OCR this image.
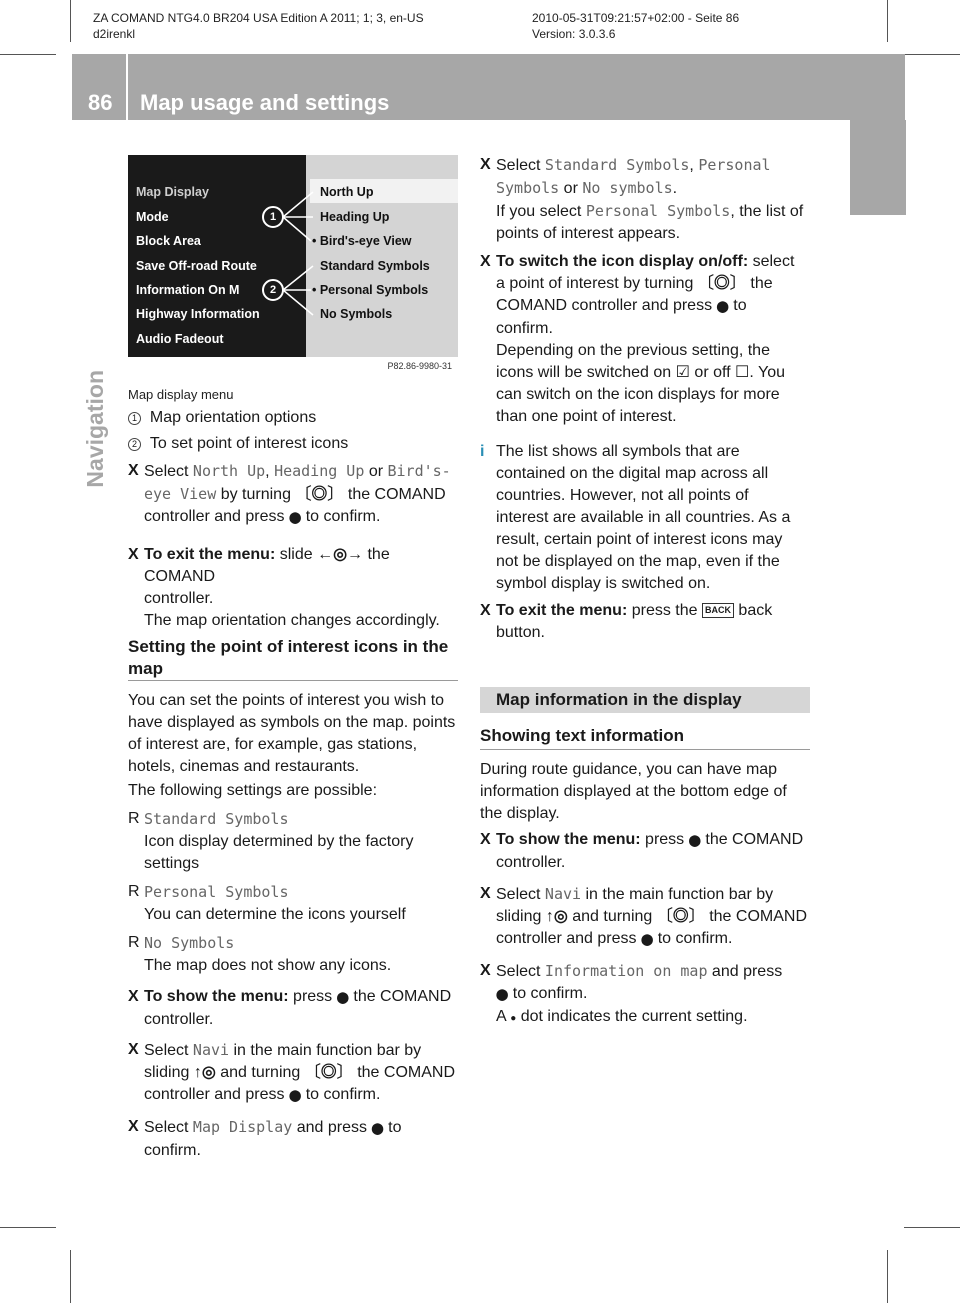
ZA COMAND NTG4.0 BR204 USA Edition A 2011; 1; 3, en-US
d2irenkl
2010-05-31T09:21:57+02:00 - Seite 86
Version: 3.0.3.6
86 Map usage and settings
Navigation
Map Display
Mode
Block Area
Save Off-road Route
Information On M
Highway Information
Audio Fadeout
North Up
Heading Up
• Bird's-eye View
Standard Symbols
• Personal Symbols
No Symbols
1
2
P82.86-9980-31
Map display menu
1 Map orientation options
2 To set point of interest icons
X Select North Up, Heading Up or Bird's-
eye View by turning 〔◎〕 the COMAND
controller and press ⬤ to confirm.
X To exit the menu: slide ←◎→ the COMAND
controller.
The map orientation changes accordingly.
Setting the point of interest icons in the
map
You can set the points of interest you wish to
have displayed as symbols on the map. points
of interest are, for example, gas stations,
hotels, cinemas and restaurants.
The following settings are possible:
R Standard Symbols
Icon display determined by the factory
settings
R Personal Symbols
You can determine the icons yourself
R No Symbols
The map does not show any icons.
X To show the menu: press ⬤ the COMAND
controller.
X Select Navi in the main function bar by
sliding ↑◎ and turning 〔◎〕 the COMAND
controller and press ⬤ to confirm.
X Select Map Display and press ⬤ to
confirm.
X Select Standard Symbols, Personal
Symbols or No symbols.
If you select Personal Symbols, the list of
points of interest appears.
X To switch the icon display on/off: select
a point of interest by turning 〔◎〕 the
COMAND controller and press ⬤ to
confirm.
Depending on the previous setting, the
icons will be switched on ☑ or off ☐. You
can switch on the icon displays for more
than one point of interest.
i The list shows all symbols that are
contained on the digital map across all
countries. However, not all points of
interest are available in all countries. As a
result, certain point of interest icons may
not be displayed on the map, even if the
symbol display is switched on.
X To exit the menu: press the BACK back
button.
Map information in the display
Showing text information
During route guidance, you can have map
information displayed at the bottom edge of
the display.
X To show the menu: press ⬤ the COMAND
controller.
X Select Navi in the main function bar by
sliding ↑◎ and turning 〔◎〕 the COMAND
controller and press ⬤ to confirm.
X Select Information on map and press
⬤ to confirm.
A ● dot indicates the current setting.
